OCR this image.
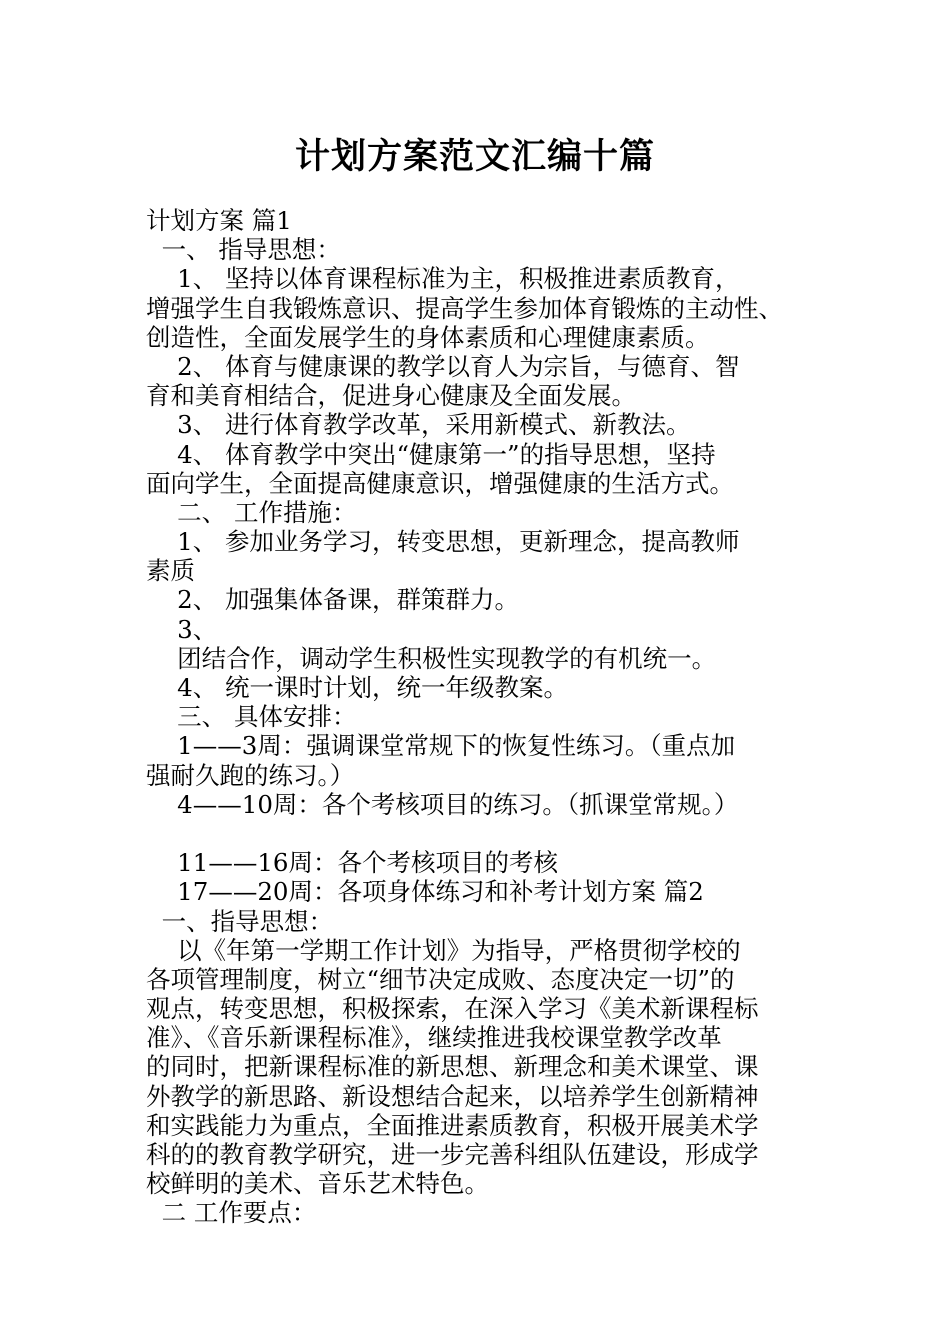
计划方案范文汇编十篇
计划方案 篇1
一、 指导思想：
1、 坚持以体育课程标准为主，积极推进素质教育，
增强学生自我锻炼意识、提高学生参加体育锻炼的主动性、
创造性，全面发展学生的身体素质和心理健康素质。
2、 体育与健康课的教学以育人为宗旨，与德育、智
育和美育相结合，促进身心健康及全面发展。
3、 进行体育教学改革，采用新模式、新教法。
4、 体育教学中突出“健康第一”的指导思想，坚持
面向学生，全面提高健康意识，增强健康的生活方式。
二、 工作措施：
1、 参加业务学习，转变思想，更新理念，提高教师
素质
2、 加强集体备课，群策群力。
3、
团结合作，调动学生积极性实现教学的有机统一。
4、 统一课时计划，统一年级教案。
三、 具体安排：
1——3周：强调课堂常规下的恢复性练习。（重点加
强耐久跑的练习。）
4——10周：各个考核项目的练习。（抓课堂常规。）
11——16周：各个考核项目的考核
17——20周：各项身体练习和补考计划方案 篇2
一、指导思想：
以《年第一学期工作计划》为指导，严格贯彻学校的
各项管理制度，树立“细节决定成败、态度决定一切”的
观点，转变思想，积极探索，在深入学习《美术新课程标
准》、《音乐新课程标准》，继续推进我校课堂教学改革
的同时，把新课程标准的新思想、新理念和美术课堂、课
外教学的新思路、新设想结合起来，以培养学生创新精神
和实践能力为重点，全面推进素质教育，积极开展美术学
科的的教育教学研究，进一步完善科组队伍建设，形成学
校鲜明的美术、音乐艺术特色。
二 工作要点：
